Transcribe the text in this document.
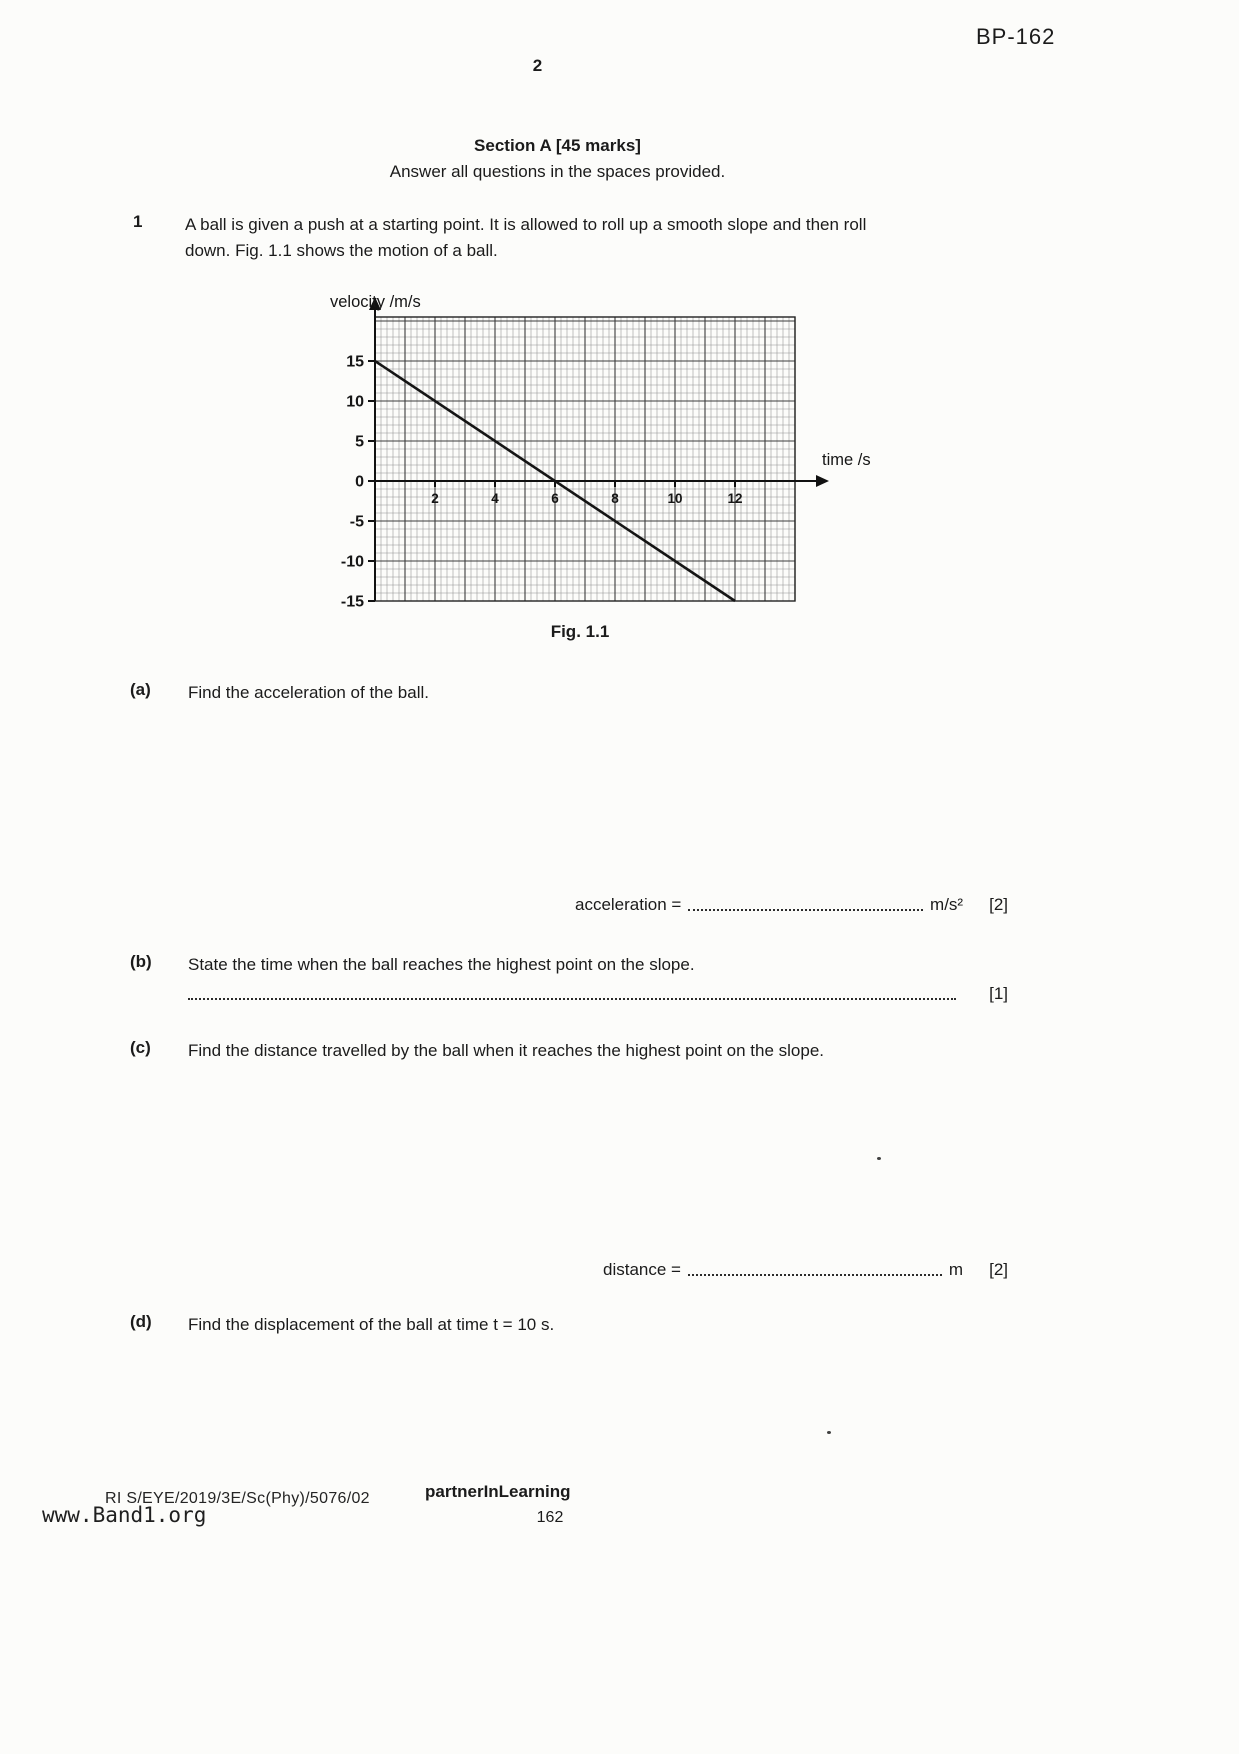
BP-162
2
Section A [45 marks]
Answer all questions in the spaces provided.
1	A ball is given a push at a starting point. It is allowed to roll up a smooth slope and then roll
down. Fig. 1.1 shows the motion of a ball.
15
10
5
0
-5
-10
-15
2	4	6	8	10	12
velocity /m/s
time /s
Fig. 1.1
(a) Find the acceleration of the ball.
acceleration =	m/s² [2]
(b) State the time when the ball reaches the highest point on the slope.
[1]
(c) Find the distance travelled by the ball when it reaches the highest point on the slope.
distance =	m [2]
(d) Find the displacement of the ball at time t = 10 s.
RI S/EYE/2019/3E/Sc(Phy)/5076/02	partnerInLearning
162
www.Band1.org
